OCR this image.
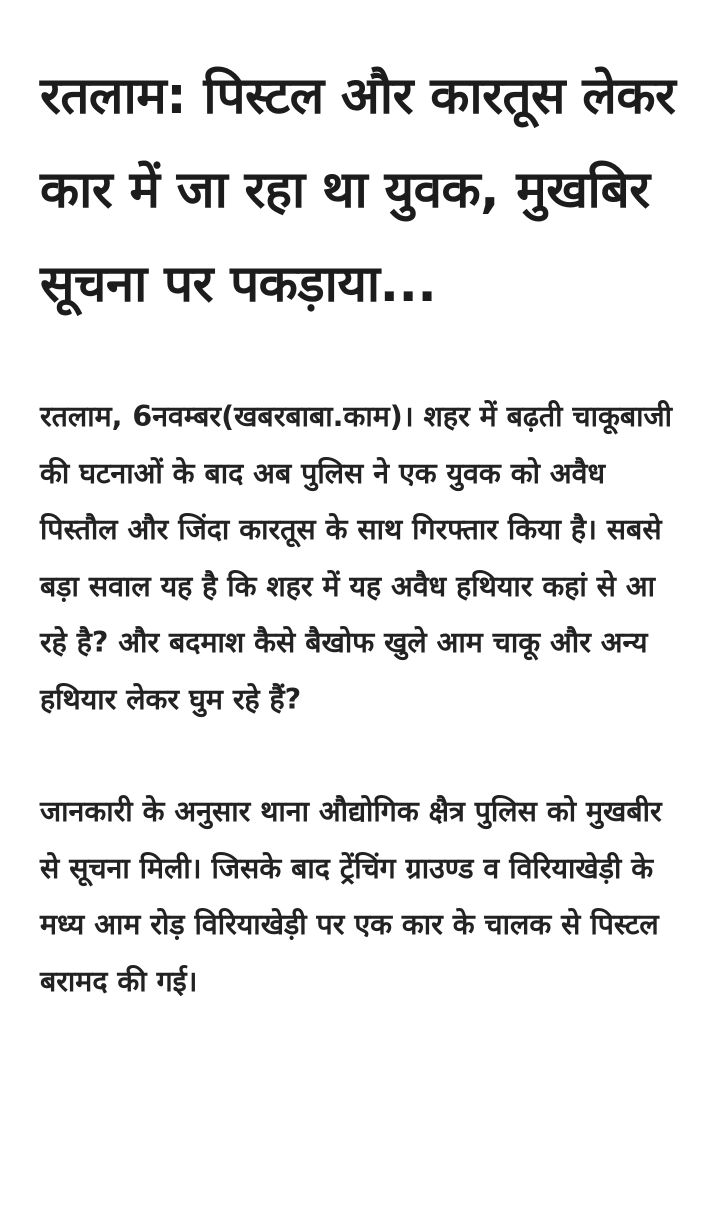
रतलाम: पिस्टल और कारतूस लेकर कार में जा रहा था युवक, मुखबिर सूचना पर पकड़ाया...

रतलाम, 6नवम्बर(खबरबाबा.काम)। शहर में बढ़ती चाकूबाजी की घटनाओं के बाद अब पुलिस ने एक युवक को अवैध पिस्तौल और जिंदा कारतूस के साथ गिरफ्तार किया है। सबसे बड़ा सवाल यह है कि शहर में यह अवैध हथियार कहां से आ रहे है? और बदमाश कैसे बैखोफ खुले आम चाकू और अन्य हथियार लेकर घुम रहे हैं?

जानकारी के अनुसार थाना औद्योगिक क्षैत्र पुलिस को मुखबीर से सूचना मिली। जिसके बाद ट्रेंचिंग ग्राउण्ड व विरियाखेड़ी के मध्य आम रोड़ विरियाखेड़ी पर एक कार के चालक से पिस्टल बरामद की गई।
